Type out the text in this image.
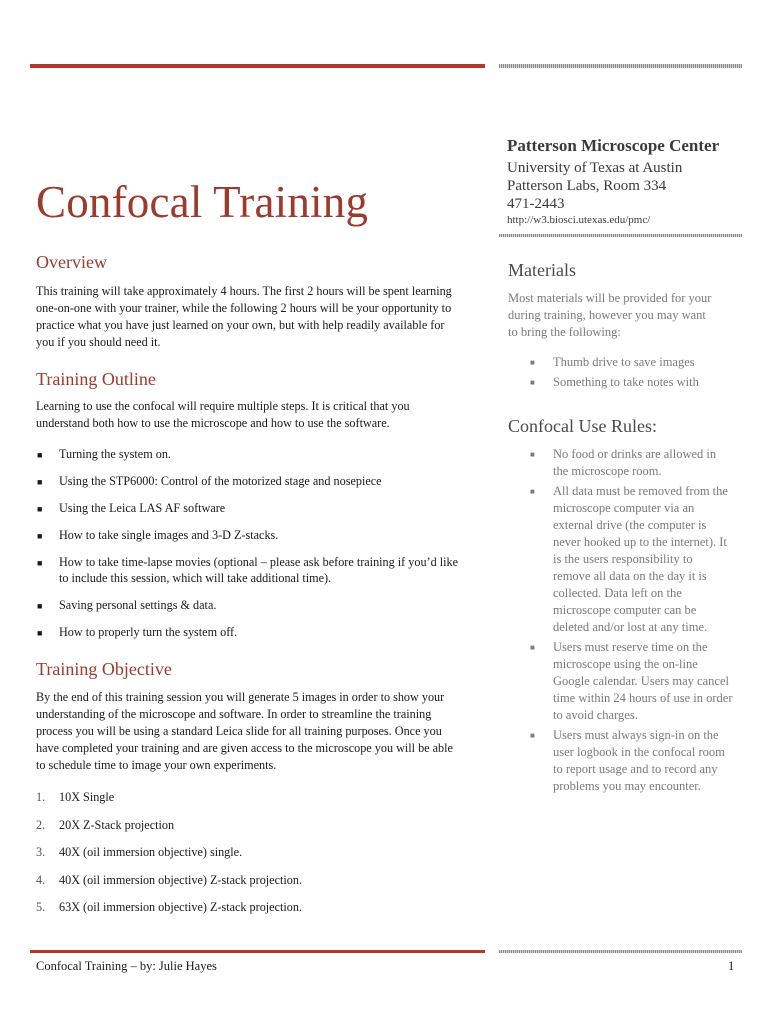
Confocal Training

Patterson Microscope Center

University of Texas at Austin

Patterson Labs, Room 334

471-2443

http://w3.biosci.utexas.edu/pmc/

Materials

Most materials will be provided for your during training, however you may want to bring the following:

■ Thumb drive to save images
■ Something to take notes with
Confocal Use Rules:
■ No food or drinks are allowed in the microscope room.
■ All data must be removed from the microscope computer via an external drive (the computer is never hooked up to the internet). It is the users responsibility to remove all data on the day it is collected. Data left on the microscope computer can be deleted and/or lost at any time.
■ Users must reserve time on the microscope using the on-line Google calendar. Users may cancel time within 24 hours of use in order to avoid charges.
■ Users must always sign-in on the user logbook in the confocal room to report usage and to record any problems you may encounter.
Overview

This training will take approximately 4 hours. The first 2 hours will be spent learning one-on-one with your trainer, while the following 2 hours will be your opportunity to practice what you have just learned on your own, but with help readily available for you if you should need it.

Training Outline

Learning to use the confocal will require multiple steps. It is critical that you understand both how to use the microscope and how to use the software.

■ Turning the system on.
■ Using the STP6000: Control of the motorized stage and nosepiece
■ Using the Leica LAS AF software
■ How to take single images and 3-D Z-stacks.
■ How to take time-lapse movies (optional – please ask before training if you’d like to include this session, which will take additional time).
■ Saving personal settings & data.
■ How to properly turn the system off.
Training Objective

By the end of this training session you will generate 5 images in order to show your understanding of the microscope and software. In order to streamline the training process you will be using a standard Leica slide for all training purposes. Once you have completed your training and are given access to the microscope you will be able to schedule time to image your own experiments.

1. 10X Single
2. 20X Z-Stack projection
3. 40X (oil immersion objective) single.
4. 40X (oil immersion objective) Z-stack projection.
5. 63X (oil immersion objective) Z-stack projection.

Confocal Training – by: Julie Hayes	1
